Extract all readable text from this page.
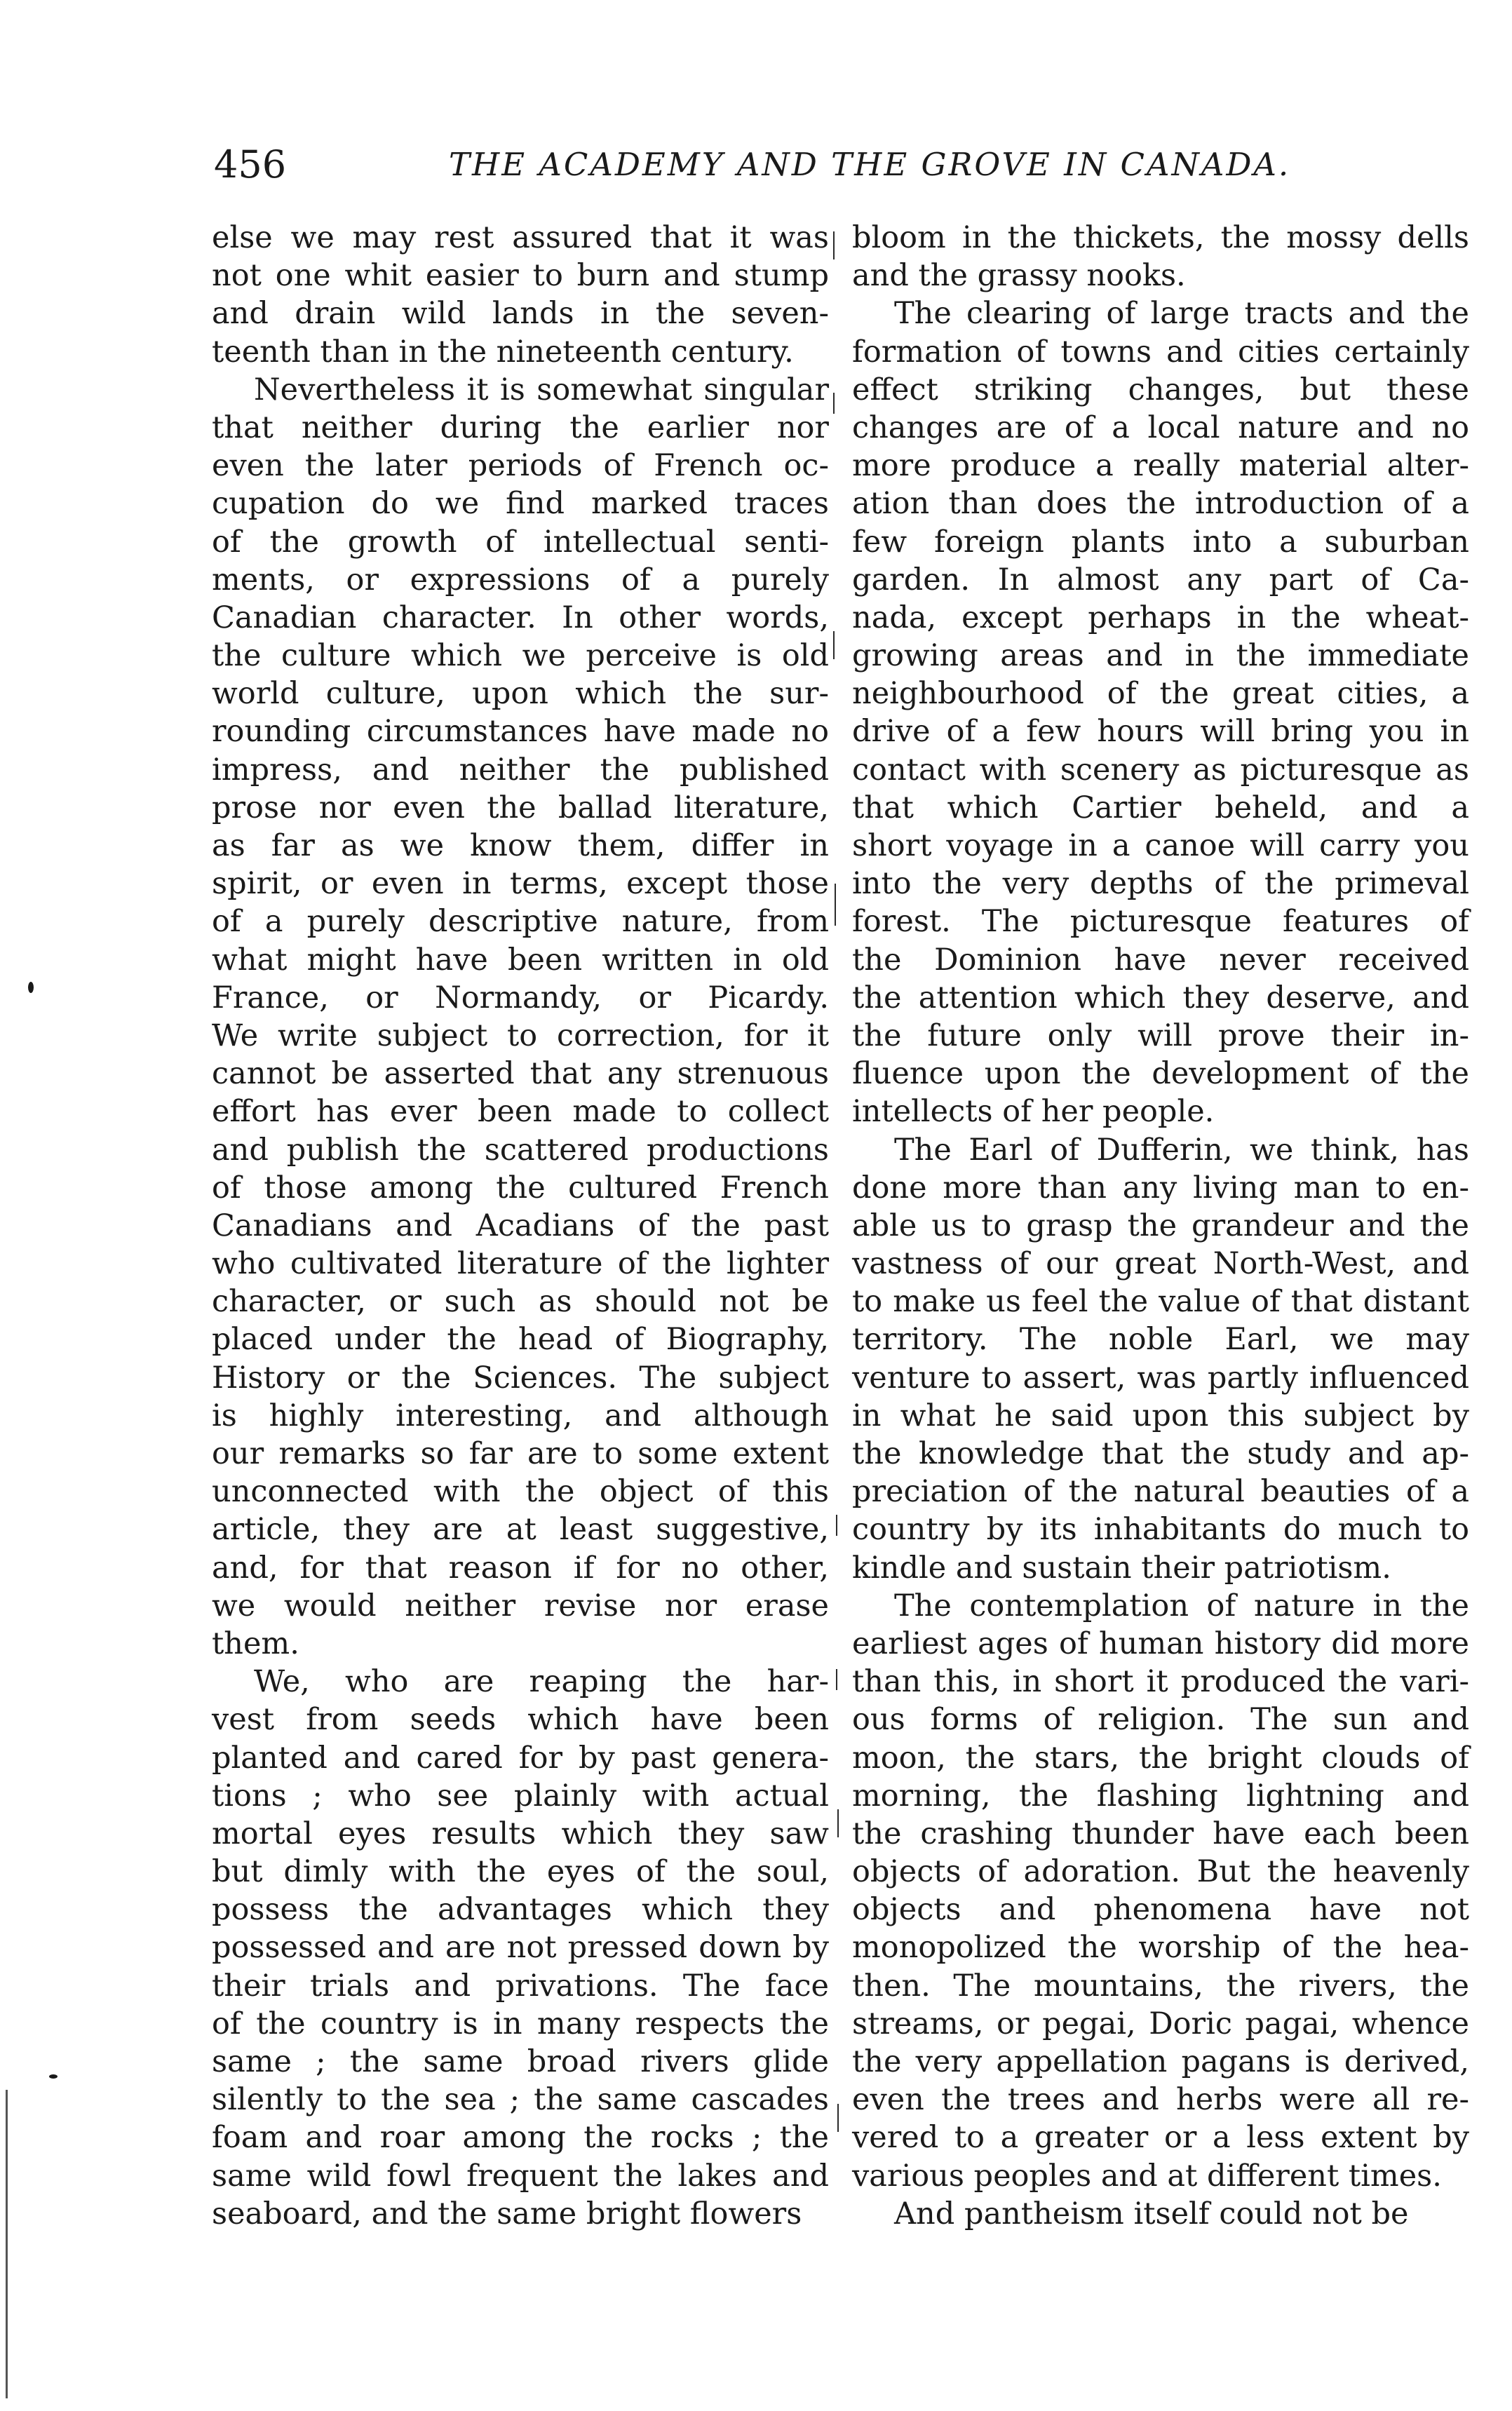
456	THE ACADEMY AND THE GROVE IN CANADA.
else we may rest assured that it was
not one whit easier to burn and stump
and drain wild lands in the seven-
teenth than in the nineteenth century.
Nevertheless it is somewhat singular
that neither during the earlier nor
even the later periods of French oc-
cupation do we find marked traces
of the growth of intellectual senti-
ments, or expressions of a purely
Canadian character. In other words,
the culture which we perceive is old
world culture, upon which the sur-
rounding circumstances have made no
impress, and neither the published
prose nor even the ballad literature,
as far as we know them, differ in
spirit, or even in terms, except those
of a purely descriptive nature, from
what might have been written in old
France, or Normandy, or Picardy.
We write subject to correction, for it
cannot be asserted that any strenuous
effort has ever been made to collect
and publish the scattered productions
of those among the cultured French
Canadians and Acadians of the past
who cultivated literature of the lighter
character, or such as should not be
placed under the head of Biography,
History or the Sciences. The subject
is highly interesting, and although
our remarks so far are to some extent
unconnected with the object of this
article, they are at least suggestive,
and, for that reason if for no other,
we would neither revise nor erase
them.
We, who are reaping the har-
vest from seeds which have been
planted and cared for by past genera-
tions ; who see plainly with actual
mortal eyes results which they saw
but dimly with the eyes of the soul,
possess the advantages which they
possessed and are not pressed down by
their trials and privations. The face
of the country is in many respects the
same ; the same broad rivers glide
silently to the sea ; the same cascades
foam and roar among the rocks ; the
same wild fowl frequent the lakes and
seaboard, and the same bright flowers
bloom in the thickets, the mossy dells
and the grassy nooks.
The clearing of large tracts and the
formation of towns and cities certainly
effect striking changes, but these
changes are of a local nature and no
more produce a really material alter-
ation than does the introduction of a
few foreign plants into a suburban
garden. In almost any part of Ca-
nada, except perhaps in the wheat-
growing areas and in the immediate
neighbourhood of the great cities, a
drive of a few hours will bring you in
contact with scenery as picturesque as
that which Cartier beheld, and a
short voyage in a canoe will carry you
into the very depths of the primeval
forest. The picturesque features of
the Dominion have never received
the attention which they deserve, and
the future only will prove their in-
fluence upon the development of the
intellects of her people.
The Earl of Dufferin, we think, has
done more than any living man to en-
able us to grasp the grandeur and the
vastness of our great North-West, and
to make us feel the value of that distant
territory. The noble Earl, we may
venture to assert, was partly influenced
in what he said upon this subject by
the knowledge that the study and ap-
preciation of the natural beauties of a
country by its inhabitants do much to
kindle and sustain their patriotism.
The contemplation of nature in the
earliest ages of human history did more
than this, in short it produced the vari-
ous forms of religion. The sun and
moon, the stars, the bright clouds of
morning, the flashing lightning and
the crashing thunder have each been
objects of adoration. But the heavenly
objects and phenomena have not
monopolized the worship of the hea-
then. The mountains, the rivers, the
streams, or pegai, Doric pagai, whence
the very appellation pagans is derived,
even the trees and herbs were all re-
vered to a greater or a less extent by
various peoples and at different times.
And pantheism itself could not be
